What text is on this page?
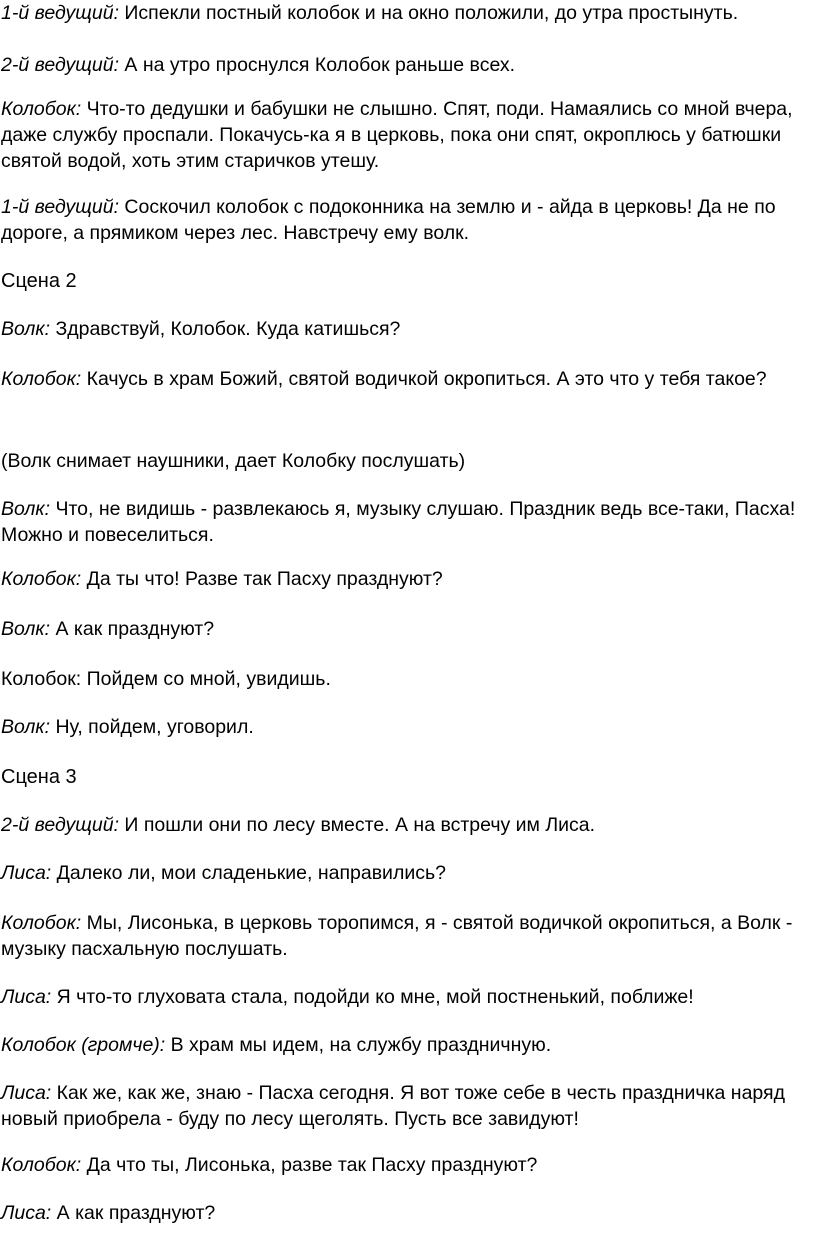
1-й ведущий: Испекли постный колобок и на окно положили, до утра простынуть.

2-й ведущий: А на утро проснулся Колобок раньше всех.

Колобок: Что-то дедушки и бабушки не слышно. Спят, поди. Намаялись со мной вчера, даже службу проспали. Покачусь-ка я в церковь, пока они спят, окроплюсь у батюшки святой водой, хоть этим старичков утешу.

1-й ведущий: Соскочил колобок с подоконника на землю и - айда в церковь! Да не по дороге, а прямиком через лес. Навстречу ему волк.

Сцена 2

Волк: Здравствуй, Колобок. Куда катишься?

Колобок: Качусь в храм Божий, святой водичкой окропиться. А это что у тебя такое?

(Волк снимает наушники, дает Колобку послушать)

Волк: Что, не видишь - развлекаюсь я, музыку слушаю. Праздник ведь все-таки, Пасха! Можно и повеселиться.

Колобок: Да ты что! Разве так Пасху празднуют?

Волк: А как празднуют?

Колобок: Пойдем со мной, увидишь.

Волк: Ну, пойдем, уговорил.

Сцена 3

2-й ведущий: И пошли они по лесу вместе. А на встречу им Лиса.

Лиса: Далеко ли, мои сладенькие, направились?

Колобок: Мы, Лисонька, в церковь торопимся, я - святой водичкой окропиться, а Волк - музыку пасхальную послушать.

Лиса: Я что-то глуховата стала, подойди ко мне, мой постненький, поближе!

Колобок (громче): В храм мы идем, на службу праздничную.

Лиса: Как же, как же, знаю - Пасха сегодня. Я вот тоже себе в честь праздничка наряд новый приобрела - буду по лесу щеголять. Пусть все завидуют!

Колобок: Да что ты, Лисонька, разве так Пасху празднуют?

Лиса: А как празднуют?
